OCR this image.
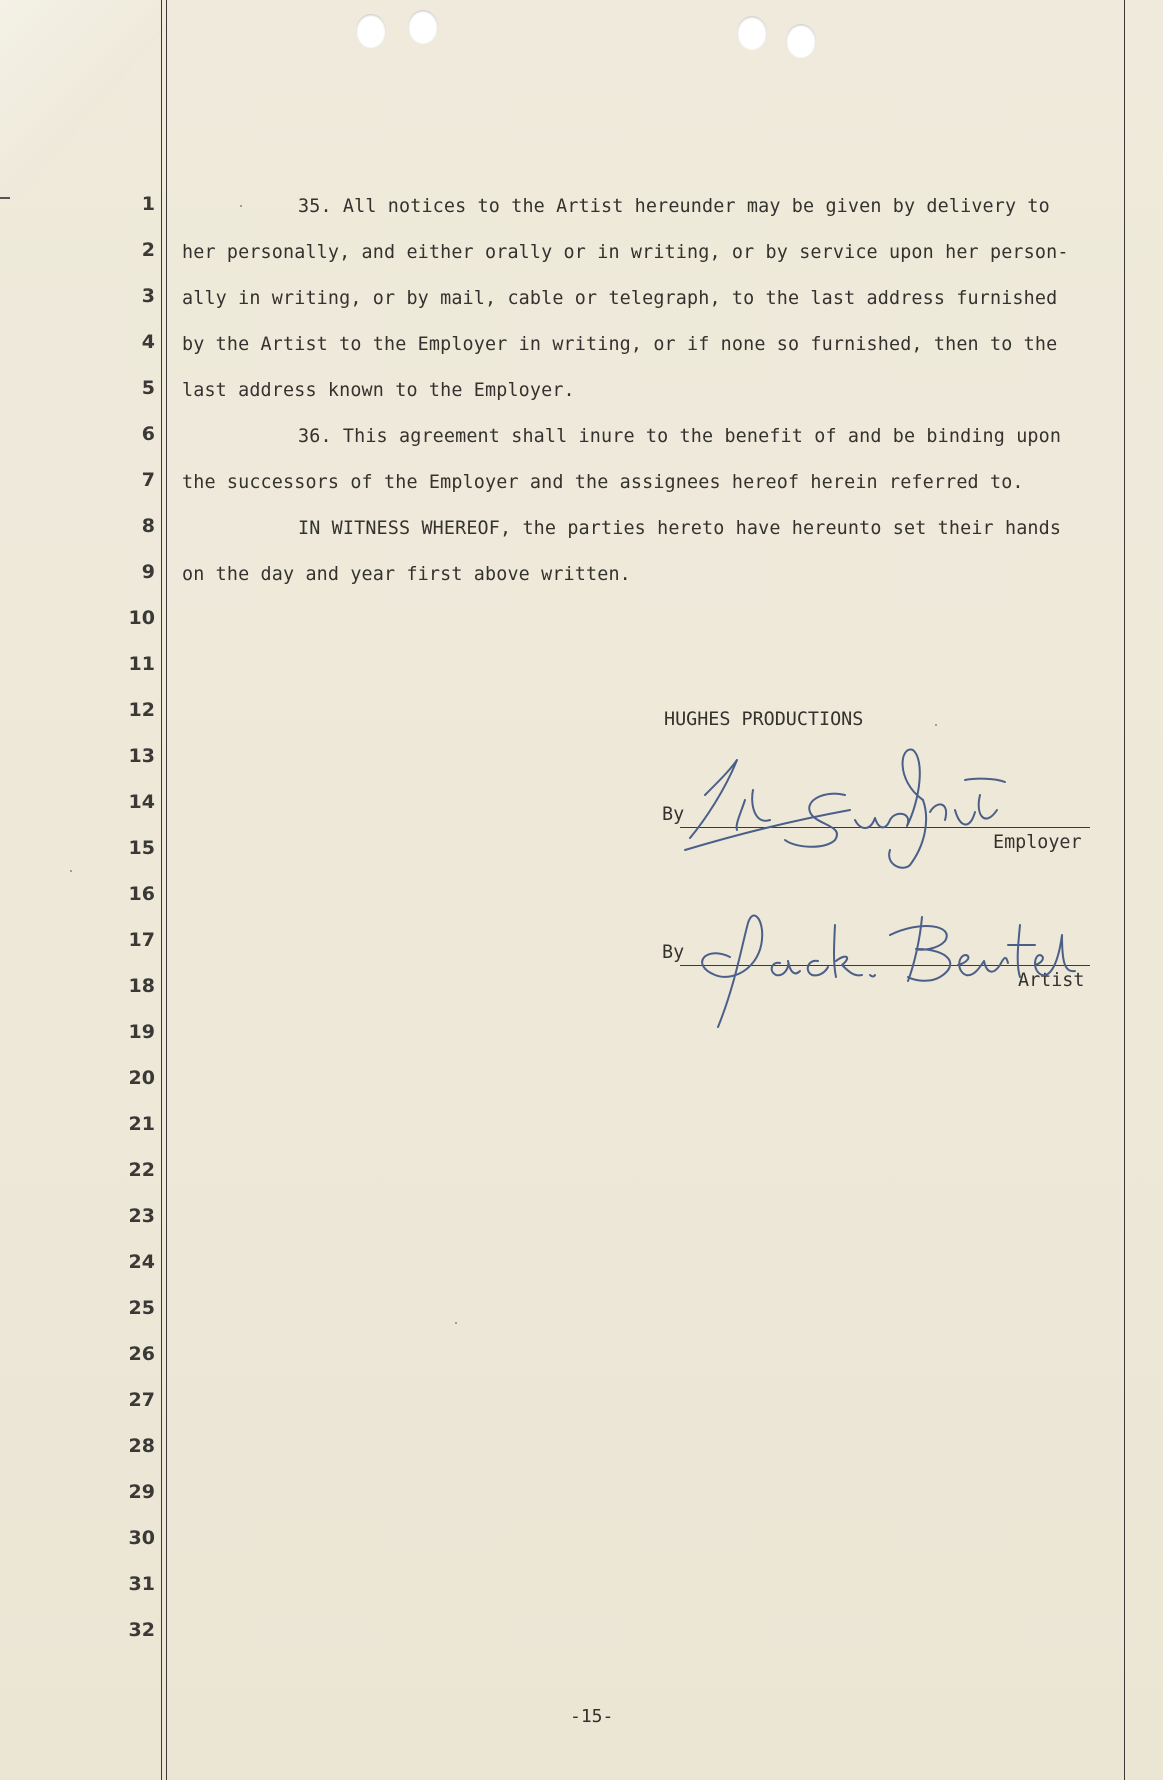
1
2
3
4
5
6
7
8
9
10
11
12
13
14
15
16
17
18
19
20
21
22
23
24
25
26
27
28
29
30
31
32
35. All notices to the Artist hereunder may be given by delivery to
her personally, and either orally or in writing, or by service upon her person-
ally in writing, or by mail, cable or telegraph, to the last address furnished
by the Artist to the Employer in writing, or if none so furnished, then to the
last address known to the Employer.
36. This agreement shall inure to the benefit of and be binding upon
the successors of the Employer and the assignees hereof herein referred to.
IN WITNESS WHEREOF, the parties hereto have hereunto set their hands
on the day and year first above written.
HUGHES PRODUCTIONS
By
Employer
By
Artist
-15-
